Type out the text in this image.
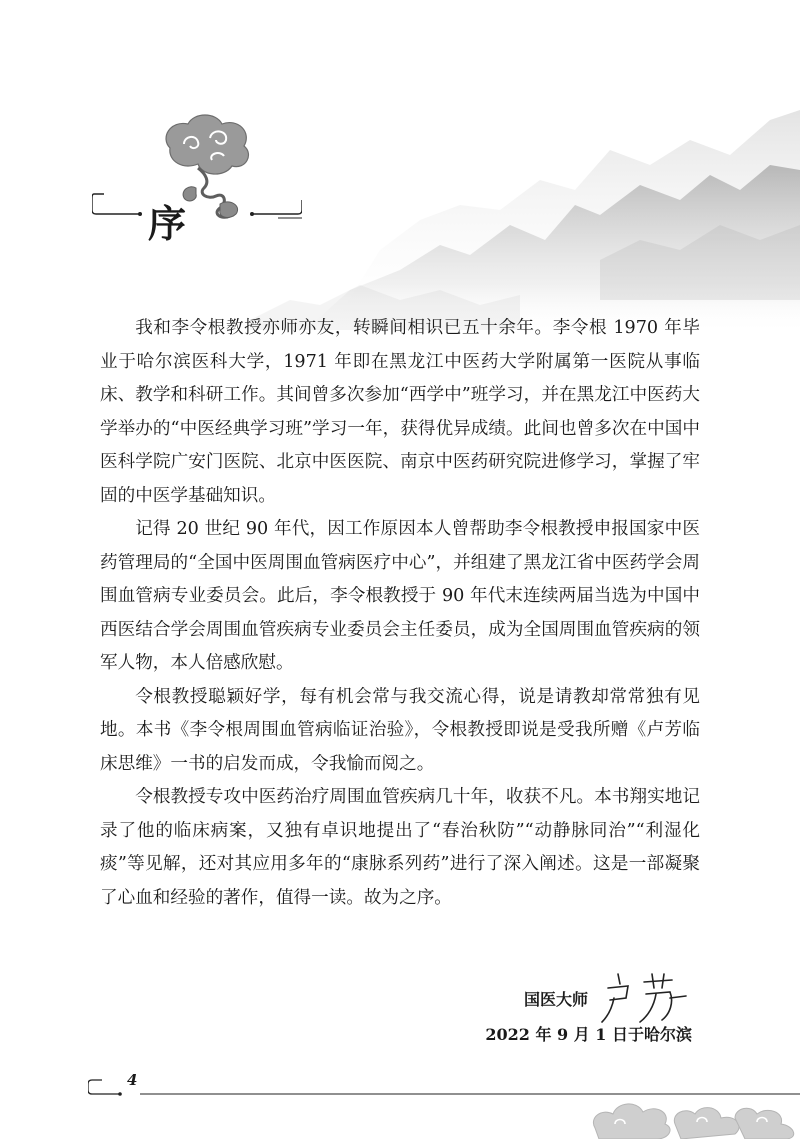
序

我和李令根教授亦师亦友，转瞬间相识已五十余年。李令根 1970 年毕业于哈尔滨医科大学，1971 年即在黑龙江中医药大学附属第一医院从事临床、教学和科研工作。其间曾多次参加“西学中”班学习，并在黑龙江中医药大学举办的“中医经典学习班”学习一年，获得优异成绩。此间也曾多次在中国中医科学院广安门医院、北京中医医院、南京中医药研究院进修学习，掌握了牢固的中医学基础知识。

记得 20 世纪 90 年代，因工作原因本人曾帮助李令根教授申报国家中医药管理局的“全国中医周围血管病医疗中心”，并组建了黑龙江省中医药学会周围血管病专业委员会。此后，李令根教授于 90 年代末连续两届当选为中国中西医结合学会周围血管疾病专业委员会主任委员，成为全国周围血管疾病的领军人物，本人倍感欣慰。

令根教授聪颖好学，每有机会常与我交流心得，说是请教却常常独有见地。本书《李令根周围血管病临证治验》，令根教授即说是受我所赠《卢芳临床思维》一书的启发而成，令我愉而阅之。

令根教授专攻中医药治疗周围血管疾病几十年，收获不凡。本书翔实地记录了他的临床病案，又独有卓识地提出了“春治秋防”“动静脉同治”“利湿化痰”等见解，还对其应用多年的“康脉系列药”进行了深入阐述。这是一部凝聚了心血和经验的著作，值得一读。故为之序。

国医大师
2022 年 9 月 1 日于哈尔滨
4
